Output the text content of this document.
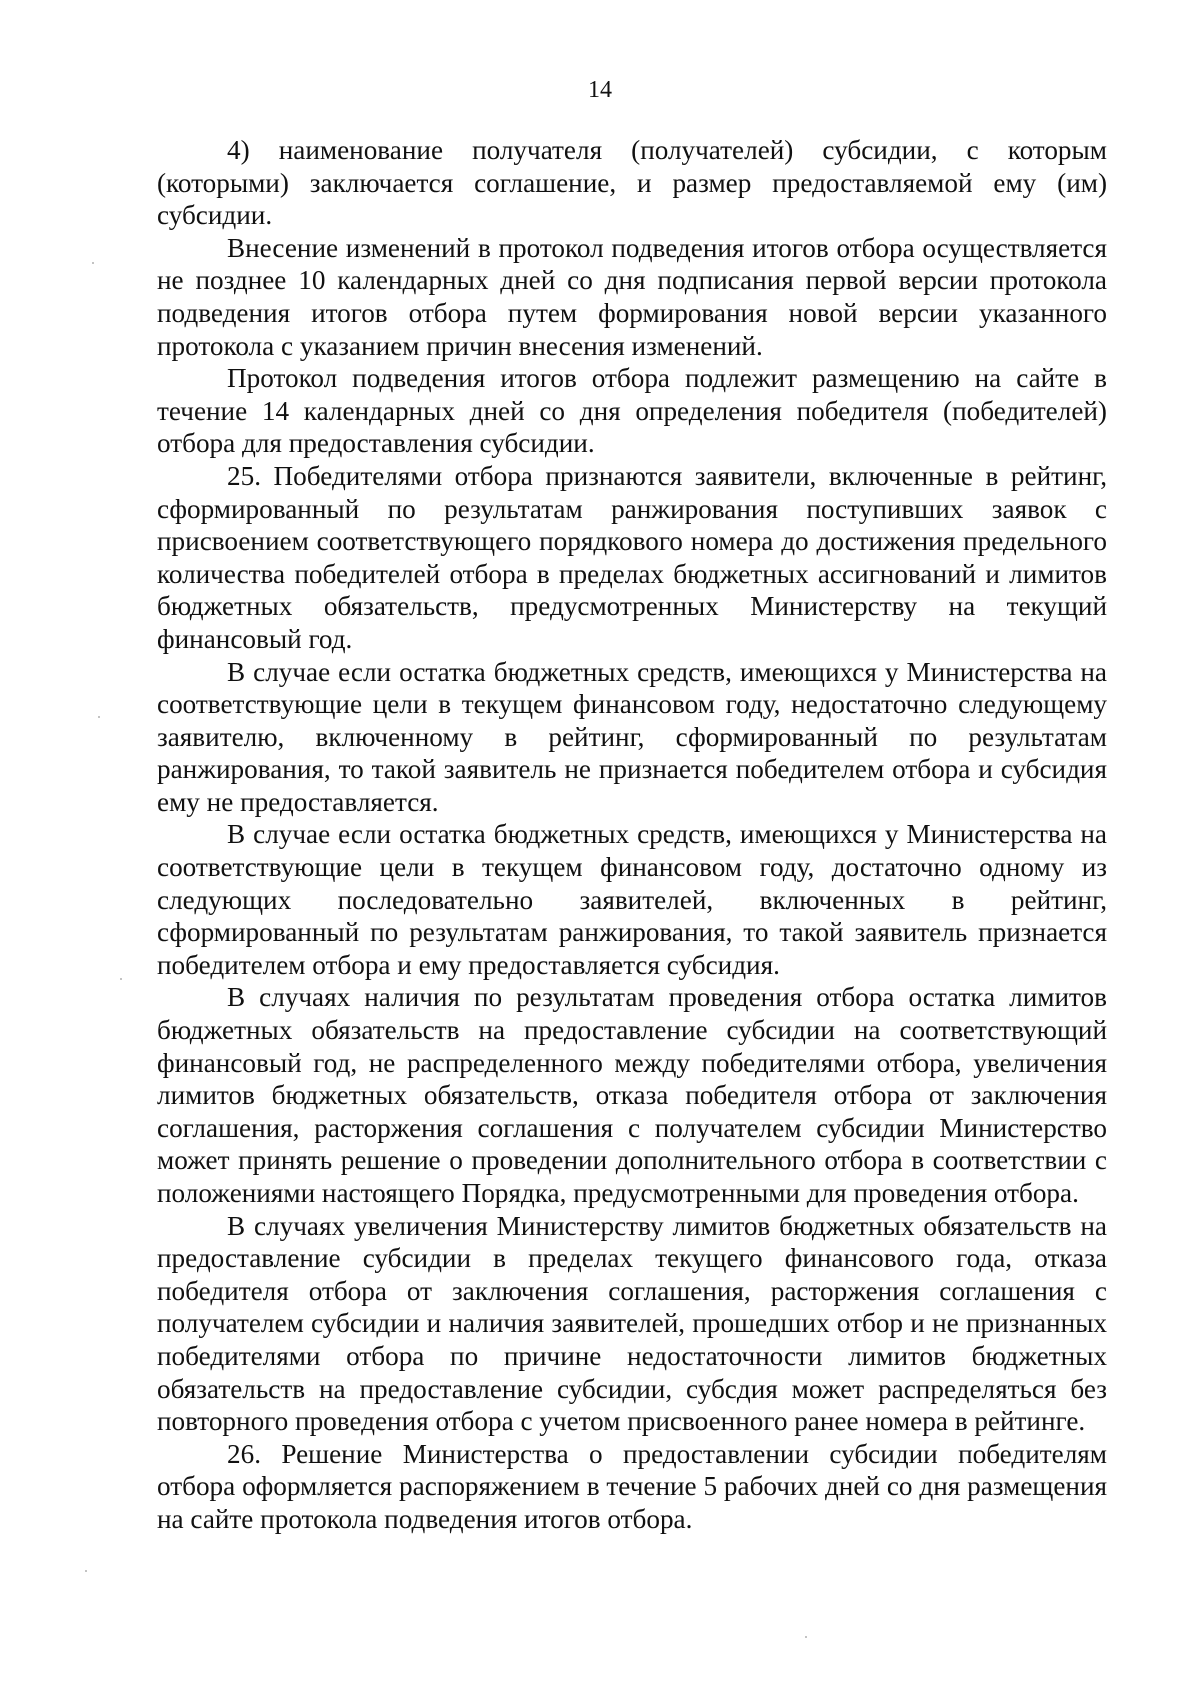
14

4) наименование получателя (получателей) субсидии, с которым (которыми) заключается соглашение, и размер предоставляемой ему (им) субсидии.

Внесение изменений в протокол подведения итогов отбора осуществляется не позднее 10 календарных дней со дня подписания первой версии протокола подведения итогов отбора путем формирования новой версии указанного протокола с указанием причин внесения изменений.

Протокол подведения итогов отбора подлежит размещению на сайте в течение 14 календарных дней со дня определения победителя (победителей) отбора для предоставления субсидии.

25. Победителями отбора признаются заявители, включенные в рейтинг, сформированный по результатам ранжирования поступивших заявок с присвоением соответствующего порядкового номера до достижения предельного количества победителей отбора в пределах бюджетных ассигнований и лимитов бюджетных обязательств, предусмотренных Министерству на текущий финансовый год.

В случае если остатка бюджетных средств, имеющихся у Министерства на соответствующие цели в текущем финансовом году, недостаточно следующему заявителю, включенному в рейтинг, сформированный по результатам ранжирования, то такой заявитель не признается победителем отбора и субсидия ему не предоставляется.

В случае если остатка бюджетных средств, имеющихся у Министерства на соответствующие цели в текущем финансовом году, достаточно одному из следующих последовательно заявителей, включенных в рейтинг, сформированный по результатам ранжирования, то такой заявитель признается победителем отбора и ему предоставляется субсидия.

В случаях наличия по результатам проведения отбора остатка лимитов бюджетных обязательств на предоставление субсидии на соответствующий финансовый год, не распределенного между победителями отбора, увеличения лимитов бюджетных обязательств, отказа победителя отбора от заключения соглашения, расторжения соглашения с получателем субсидии Министерство может принять решение о проведении дополнительного отбора в соответствии с положениями настоящего Порядка, предусмотренными для проведения отбора.

В случаях увеличения Министерству лимитов бюджетных обязательств на предоставление субсидии в пределах текущего финансового года, отказа победителя отбора от заключения соглашения, расторжения соглашения с получателем субсидии и наличия заявителей, прошедших отбор и не признанных победителями отбора по причине недостаточности лимитов бюджетных обязательств на предоставление субсидии, субсдия может распределяться без повторного проведения отбора с учетом присвоенного ранее номера в рейтинге.

26. Решение Министерства о предоставлении субсидии победителям отбора оформляется распоряжением в течение 5 рабочих дней со дня размещения на сайте протокола подведения итогов отбора.
